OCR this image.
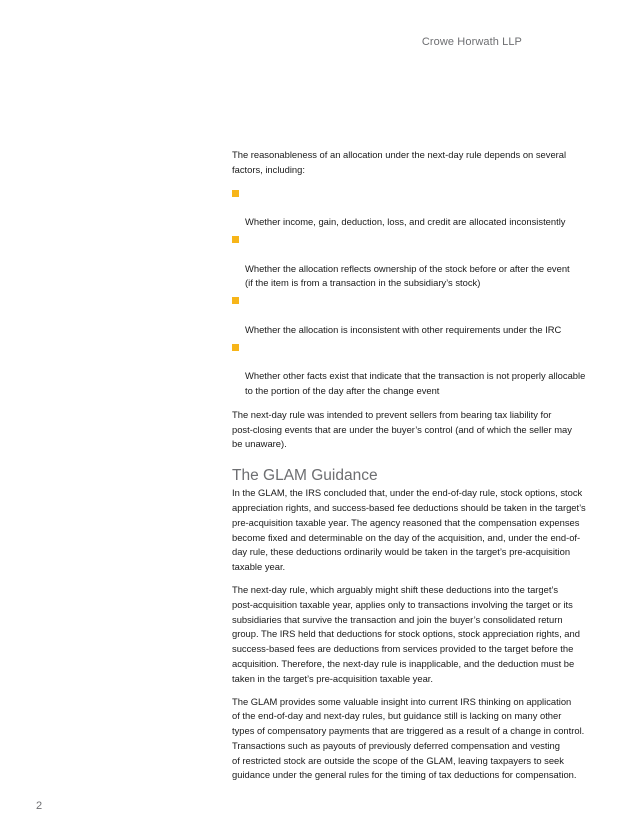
Crowe Horwath LLP

The reasonableness of an allocation under the next-day rule depends on several
factors, including:

Whether income, gain, deduction, loss, and credit are allocated inconsistently

Whether the allocation reflects ownership of the stock before or after the event
(if the item is from a transaction in the subsidiary’s stock)

Whether the allocation is inconsistent with other requirements under the IRC

Whether other facts exist that indicate that the transaction is not properly allocable
to the portion of the day after the change event

The next-day rule was intended to prevent sellers from bearing tax liability for
post-closing events that are under the buyer’s control (and of which the seller may
be unaware).

The GLAM Guidance

In the GLAM, the IRS concluded that, under the end-of-day rule, stock options, stock
appreciation rights, and success-based fee deductions should be taken in the target’s
pre-acquisition taxable year. The agency reasoned that the compensation expenses
become fixed and determinable on the day of the acquisition, and, under the end-of-
day rule, these deductions ordinarily would be taken in the target’s pre-acquisition
taxable year.

The next-day rule, which arguably might shift these deductions into the target’s
post-acquisition taxable year, applies only to transactions involving the target or its
subsidiaries that survive the transaction and join the buyer’s consolidated return
group. The IRS held that deductions for stock options, stock appreciation rights, and
success-based fees are deductions from services provided to the target before the
acquisition. Therefore, the next-day rule is inapplicable, and the deduction must be
taken in the target’s pre-acquisition taxable year.

The GLAM provides some valuable insight into current IRS thinking on application
of the end-of-day and next-day rules, but guidance still is lacking on many other
types of compensatory payments that are triggered as a result of a change in control.
Transactions such as payouts of previously deferred compensation and vesting
of restricted stock are outside the scope of the GLAM, leaving taxpayers to seek
guidance under the general rules for the timing of tax deductions for compensation.

2
